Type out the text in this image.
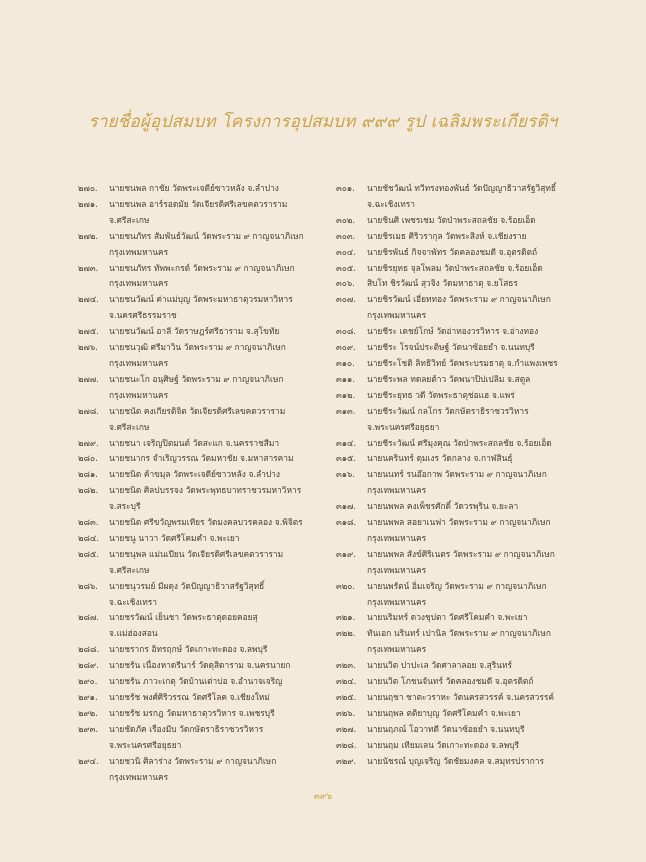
รายชื่อผู้อุปสมบท โครงการอุปสมบท ๙๙๙ รูป เฉลิมพระเกียรติฯ
๒๗๐.	นายชนพล กาชัย วัดพระเจดีย์ซาวหลัง จ.ลำปาง
๒๗๑.	นายชนพล อาร์รอดมัย วัดเจียรดิศรีเลขคตวราราม
จ.ศรีสะเกษ
๒๗๒.	นายชนภัทร สัมพันธ์วัฒน์ วัดพระราม ๙ กาญจนาภิเษก
กรุงเทพมหานคร
๒๗๓.	นายชนภัทร ทัพพะกรด์ วัดพระราม ๙ กาญจนาภิเษก
กรุงเทพมหานคร
๒๗๔.	นายชนวัฒน์ ค่าแม่บุญ วัดพระมหาธาตุวรมหาวิหาร
จ.นครศรีธรรมราช
๒๗๕.	นายชนวัฒน์ อาลี วัดราษฎร์ศรีธาราม จ.สุโขทัย
๒๗๖.	นายชนวุฒิ ศรีมาวิน วัดพระราม ๙ กาญจนาภิเษก
กรุงเทพมหานคร
๒๗๗.	นายชนะโก อนุศิษฐ์ วัดพระราม ๙ กาญจนาภิเษก
กรุงเทพมหานคร
๒๗๘.	นายชนัต คงเกียรติจิต วัดเจียรดิศรีเลขคตวราราม
จ.ศรีสะเกษ
๒๗๙.	นายชนา เจริญปิตมนต์ วัดสะแก จ.นครราชสีมา
๒๘๐.	นายชนากร จำเริญวรรณ วัดมหาชัย จ.มหาสารคาม
๒๘๑.	นายชนิต ค้าขมุล วัดพระเจดีย์ซาวหลัง จ.ลำปาง
๒๘๒.	นายชนิต ศิลปบรรจง วัดพระพุทธบาทราชวรมหาวิหาร
จ.สระบุรี
๒๘๓.	นายชนิต ศรีขวัญพรมเทียร วัดมงคลบวรคลอง จ.พิจิตร
๒๘๔.	นายชนู นาวา วัดศรีโคมคำ จ.พะเยา
๒๘๕.	นายชนุพล แม่นเปียน วัดเจียรดิศรีเลขคตวราราม
จ.ศรีสะเกษ
๒๘๖.	นายชนุวรมย์ มีผดุง วัดปัญญาธิวาสรัฐวิสุทธิ์
จ.ฉะเชิงเทรา
๒๘๗.	นายชรวัฒน์ เย็นชา วัดพระธาตุดอยคอยสุ
จ.แม่ฮ่องสอน
๒๘๘.	นายชรากร อิทรฤกษ์ วัดเกาะทะดอง จ.ลพบุรี
๒๘๙.	นายชรัน เนื่องหาดรีนาร์ วัดดุสิดาราม จ.นครนายก
๒๙๐.	นายชรัน ภาวะเกตุ วัดบ้านเต่าบ่อ จ.อำนาจเจริญ
๒๙๑.	นายชรัช พงศ์ศิริวรรณ วัดศรีโลค จ.เชียงใหม่
๒๙๒.	นายชรัช มรกฎ วัดมหาธาตุวรวิหาร จ.เพชรบุรี
๒๙๓.	นายชัดภัค เรืองมีบ วัดกษัตราธิราชวรวิหาร
จ.พระนครศรีอยุธยา
๒๙๔.	นายชวนิ ศิลาร่าง วัดพระราม ๙ กาญจนาภิเษก
กรุงเทพมหานคร
๓๐๑.	นายชัชวัฒน์ ทวีทรงทองพันธ์ วัดปัญญาธิวาสรัฐวิสุทธิ์
จ.ฉะเชิงเทรา
๓๐๒.	นายชินศิ เพชรเชม วัดป่าพระสถลชัย จ.ร้อยเอ็ด
๓๐๓.	นายชิรเมธ ศิริวรากุล วัดพระสิงห์ จ.เชียงราย
๓๐๔.	นายชิรพันธ์ กิจจาพัทร วัดคลองชมดี จ.อุตรดิตถ์
๓๐๕.	นายชิรยุทธ จุลโพลม วัดป่าพระสถลชัย จ.ร้อยเอ็ด
๓๐๖.	สิบโท ชิรวัฒน์ สุวจิง วัดมหาธาตุ จ.ยโสธร
๓๐๗.	นายชิรวัฒน์ เอี่ยททอง วัดพระราม ๙ กาญจนาภิเษก
กรุงเทพมหานคร
๓๐๘.	นายชีระ เดชย์โกษ์ วัดอ่าทองวรวิหาร จ.อ่างทอง
๓๐๙.	นายชีระ โรจน์ประติษฐ์ วัดนาซ้อยยำ จ.นนทบุรี
๓๑๐.	นายชีระโชติ ลิทธิวิทย์ วัดพระบรมธาตุ จ.กำแพงเพชร
๓๑๑.	นายชีระพล ทดลยต้าว วัดพนาปิปเปลิม จ.สตูล
๓๑๒.	นายชีระยุทธ วดี วัดพระธาตุช่อแฮ จ.แพร่
๓๑๓.	นายชีระวัฒน์ กลโกร วัดกษัตราธิราชวรวิหาร
จ.พระนครศรีอยุธยา
๓๑๔.	นายชีระวัฒน์ ศรีมุงคุณ วัดป่าพระสถลชัย จ.ร้อยเอ็ด
๓๑๕.	นายนครินทร์ ดุมเงร วัดกลาง จ.กาฬสินธุ์
๓๑๖.	นายนนทร์ รนอ๊อกาพ วัดพระราม ๙ กาญจนาภิเษก
กรุงเทพมหานคร
๓๑๗.	นายนพพล คงเพ็ชรศักดิ์ วัดวรพุริน จ.ยะลา
๓๑๘.	นายนพพล สอยาเนฟา วัดพระราม ๙ กาญจนาภิเษก
กรุงเทพมหานคร
๓๑๙.	นายนพพล สังข์ศิริเนตร วัดพระราม ๙ กาญจนาภิเษก
กรุงเทพมหานคร
๓๒๐.	นายนพรัตน์ อิ่มเจริญ วัดพระราม ๙ กาญจนาภิเษก
กรุงเทพมหานคร
๓๒๑.	นายนริมทร์ ดวงชุปตา วัดศรีโคมคำ จ.พะเยา
๓๒๒.	ทันเอก นรินทร์ เปานิล วัดพระราม ๙ กาญจนาภิเษก
กรุงเทพมหานคร
๓๒๓.	นายนวิต ปาปะเล วัดศาลาลอย จ.สุรินทร์
๓๒๔.	นายนวิต โภชนจันทร์ วัดคลองชมดี จ.อุตรดิตถ์
๓๒๕.	นายนฤชา ชาตะวราหะ วัดนครสวรรค์ จ.นครสวรรค์
๓๒๖.	นายนฤพล ตติยาบุญ วัดศรีโคมคำ จ.พะเยา
๓๒๗.	นายนฤภณ์ โอวาทดี วัดนาซ้อยยำ จ.นนทบุรี
๓๒๘.	นายนฤม เทียมเลน วัดเกาะทะดอง จ.ลพบุรี
๓๒๙.	นายนัชรณ์ บุญเจริญ วัดชัยมงคล จ.สมุทรปราการ
๓๙๖
